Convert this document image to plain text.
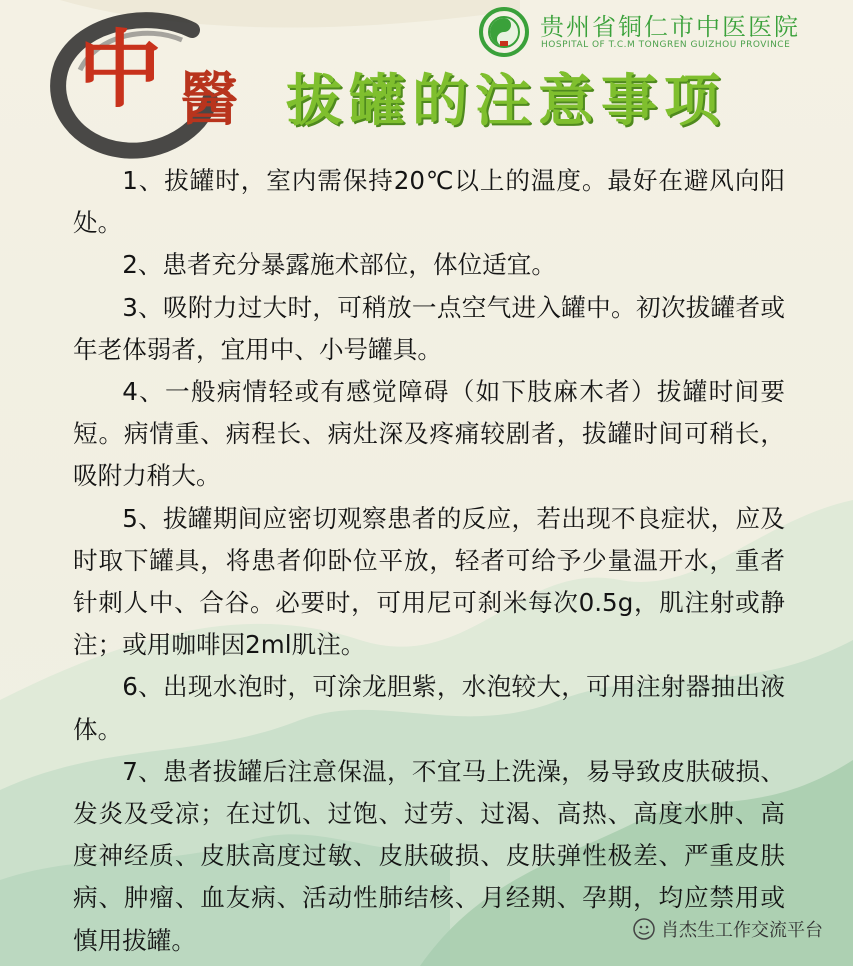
贵州省铜仁市中医医院
HOSPITAL OF T.C.M TONGREN GUIZHOU PROVINCE
中 醫 拔罐的注意事项

1、拔罐时，室内需保持20℃以上的温度。最好在避风向阳处。

2、患者充分暴露施术部位，体位适宜。

3、吸附力过大时，可稍放一点空气进入罐中。初次拔罐者或年老体弱者，宜用中、小号罐具。

4、一般病情轻或有感觉障碍（如下肢麻木者）拔罐时间要短。病情重、病程长、病灶深及疼痛较剧者，拔罐时间可稍长，吸附力稍大。

5、拔罐期间应密切观察患者的反应，若出现不良症状，应及时取下罐具，将患者仰卧位平放，轻者可给予少量温开水，重者针刺人中、合谷。必要时，可用尼可刹米每次0.5g，肌注射或静注；或用咖啡因2ml肌注。

6、出现水泡时，可涂龙胆紫，水泡较大，可用注射器抽出液体。

7、患者拔罐后注意保温，不宜马上洗澡，易导致皮肤破损、发炎及受凉；在过饥、过饱、过劳、过渴、高热、高度水肿、高度神经质、皮肤高度过敏、皮肤破损、皮肤弹性极差、严重皮肤病、肿瘤、血友病、活动性肺结核、月经期、孕期，均应禁用或慎用拔罐。	肖杰生工作交流平台
